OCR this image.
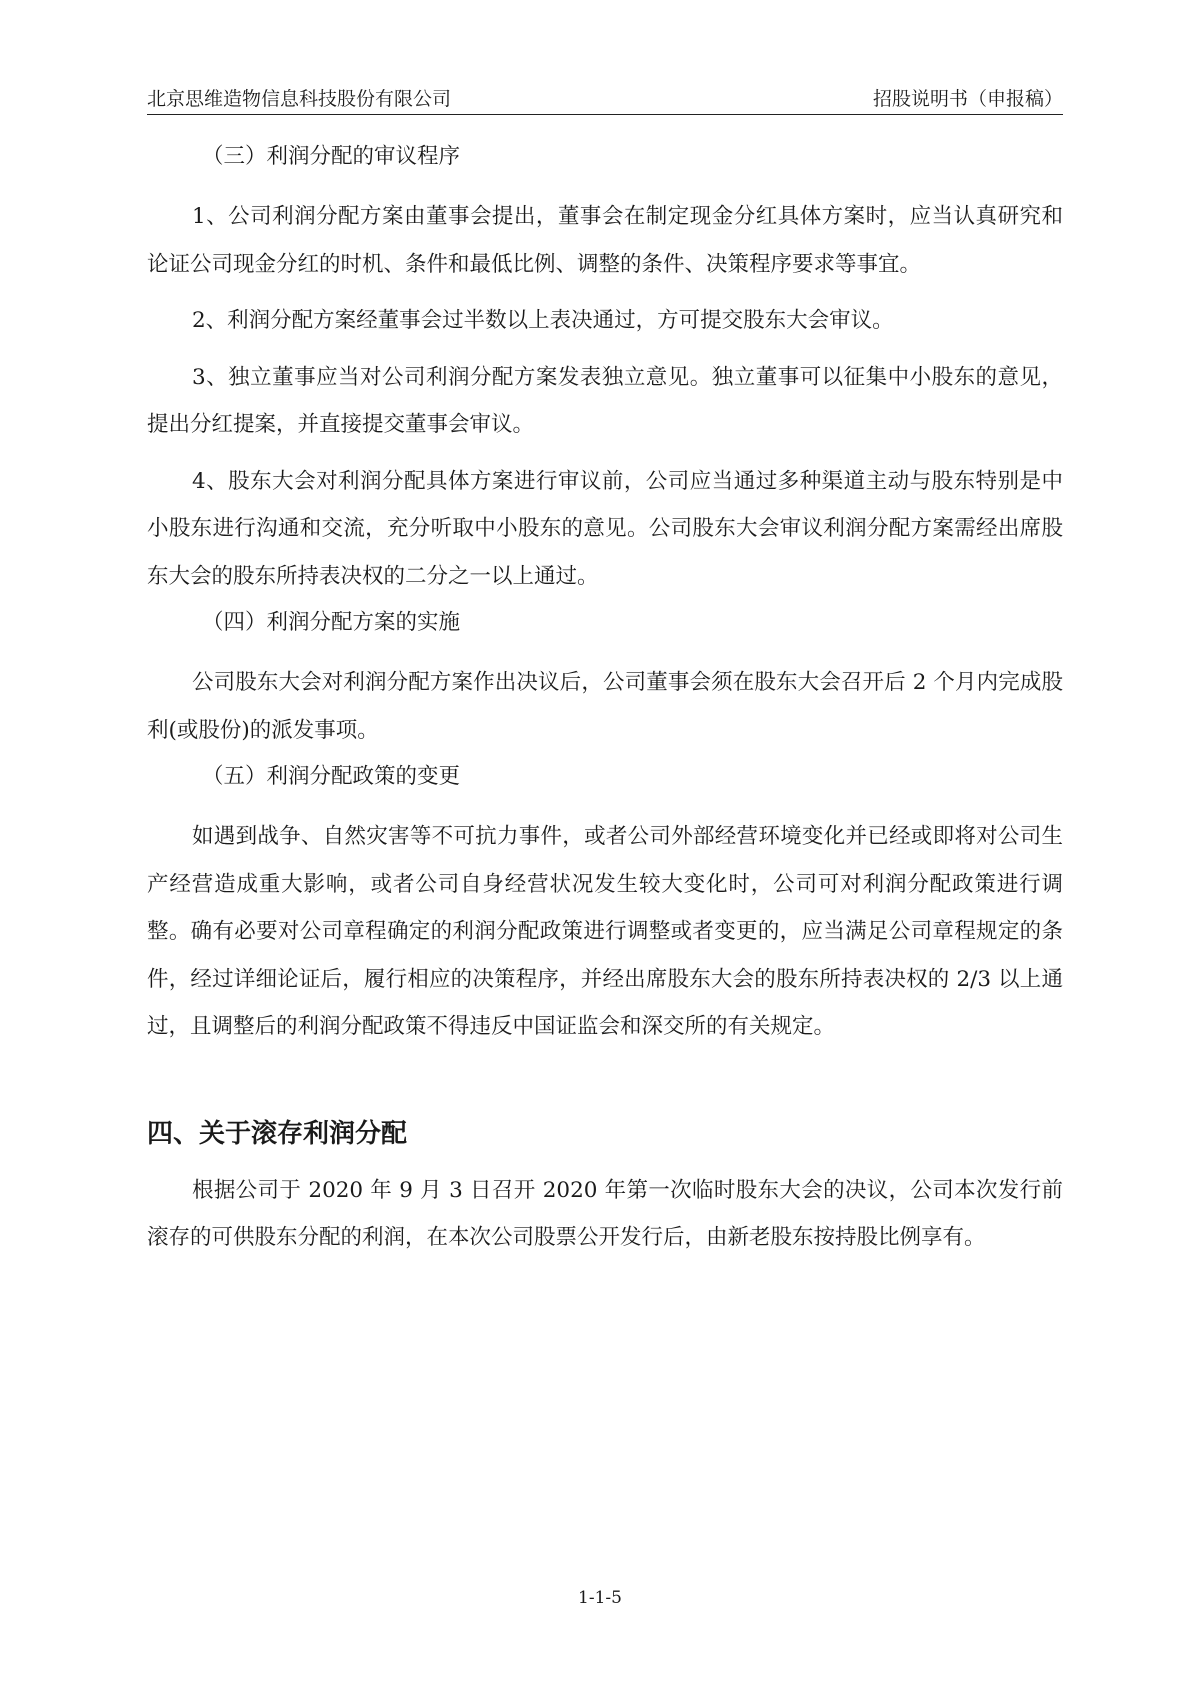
北京思维造物信息科技股份有限公司	招股说明书（申报稿）
（三）利润分配的审议程序

1、公司利润分配方案由董事会提出，董事会在制定现金分红具体方案时，应当认真研究和论证公司现金分红的时机、条件和最低比例、调整的条件、决策程序要求等事宜。

2、利润分配方案经董事会过半数以上表决通过，方可提交股东大会审议。

3、独立董事应当对公司利润分配方案发表独立意见。独立董事可以征集中小股东的意见，提出分红提案，并直接提交董事会审议。

4、股东大会对利润分配具体方案进行审议前，公司应当通过多种渠道主动与股东特别是中小股东进行沟通和交流，充分听取中小股东的意见。公司股东大会审议利润分配方案需经出席股东大会的股东所持表决权的二分之一以上通过。

（四）利润分配方案的实施

公司股东大会对利润分配方案作出决议后，公司董事会须在股东大会召开后 2 个月内完成股利(或股份)的派发事项。

（五）利润分配政策的变更

如遇到战争、自然灾害等不可抗力事件，或者公司外部经营环境变化并已经或即将对公司生产经营造成重大影响，或者公司自身经营状况发生较大变化时，公司可对利润分配政策进行调整。确有必要对公司章程确定的利润分配政策进行调整或者变更的，应当满足公司章程规定的条件，经过详细论证后，履行相应的决策程序，并经出席股东大会的股东所持表决权的 2/3 以上通过，且调整后的利润分配政策不得违反中国证监会和深交所的有关规定。

四、关于滚存利润分配

根据公司于 2020 年 9 月 3 日召开 2020 年第一次临时股东大会的决议，公司本次发行前滚存的可供股东分配的利润，在本次公司股票公开发行后，由新老股东按持股比例享有。

1-1-5
